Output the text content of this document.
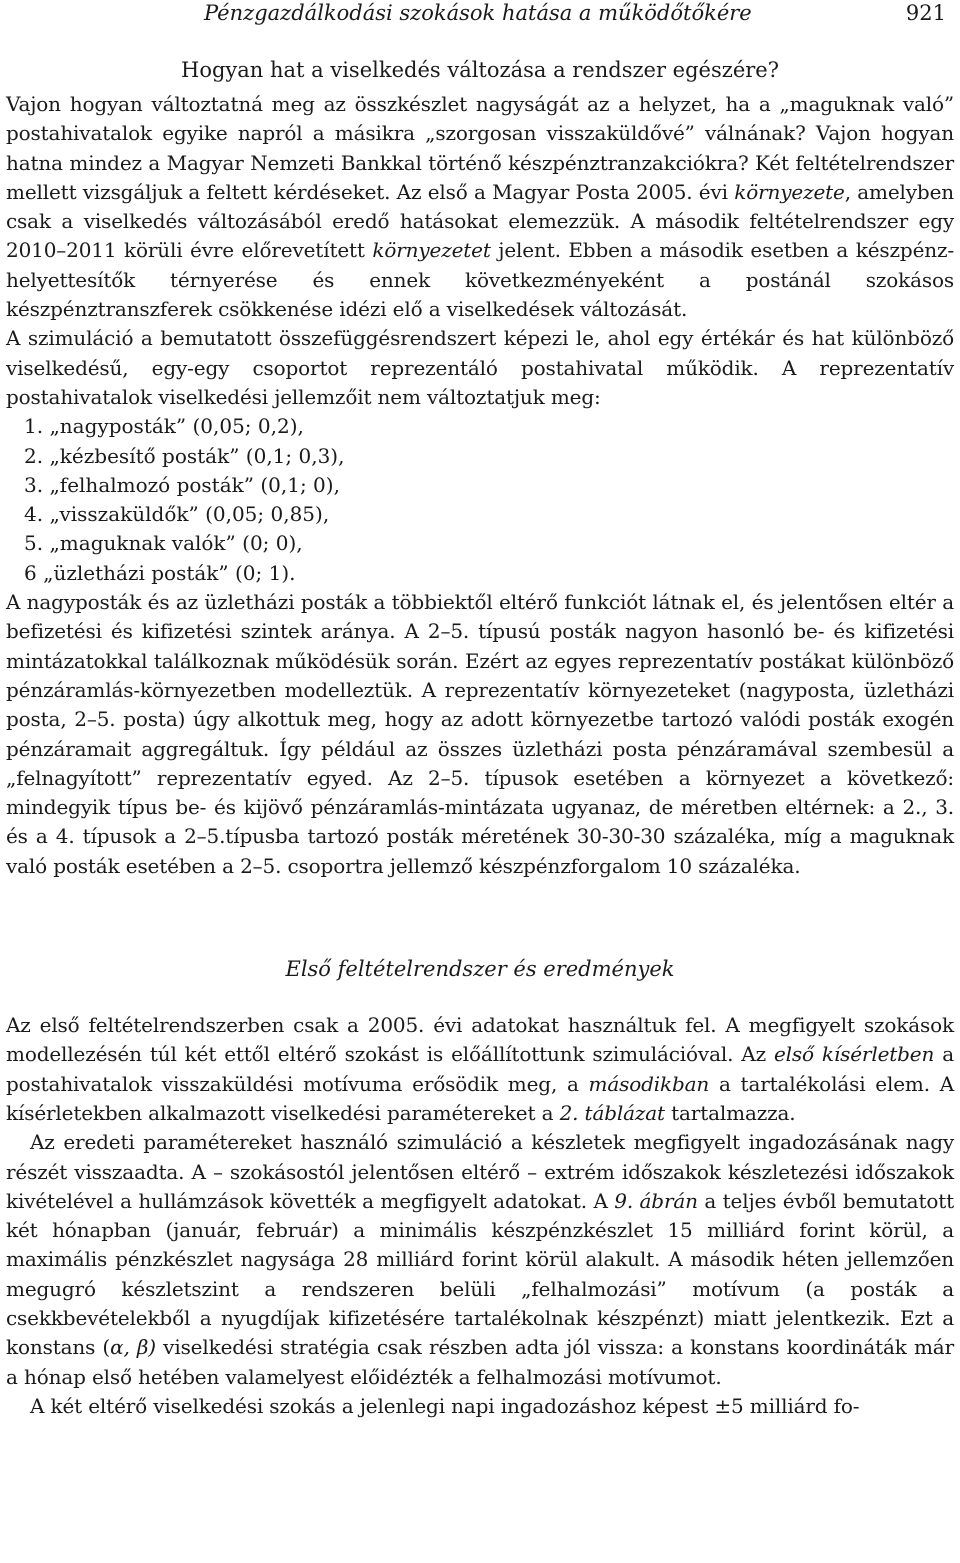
Pénzgazdálkodási szokások hatása a működőtőkére	921
Hogyan hat a viselkedés változása a rendszer egészére?

Vajon hogyan változtatná meg az összkészlet nagyságát az a helyzet, ha a „maguknak való” postahivatalok egyike napról a másikra „szorgosan visszaküldővé” válnának? Vajon hogyan hatna mindez a Magyar Nemzeti Bankkal történő készpénztranzakciókra? Két feltételrendszer mellett vizsgáljuk a feltett kérdéseket. Az első a Magyar Posta 2005. évi környezete, amelyben csak a viselkedés változásából eredő hatásokat elemezzük. A második feltételrendszer egy 2010–2011 körüli évre előrevetített környezetet jelent. Ebben a második esetben a készpénz-helyettesítők térnyerése és ennek következményeként a postánál szokásos készpénztranszferek csökkenése idézi elő a viselkedések változását.

A szimuláció a bemutatott összefüggésrendszert képezi le, ahol egy értékár és hat különböző viselkedésű, egy-egy csoportot reprezentáló postahivatal működik. A reprezentatív postahivatalok viselkedési jellemzőit nem változtatjuk meg:

1. „nagyposták” (0,05; 0,2),
2. „kézbesítő posták” (0,1; 0,3),
3. „felhalmozó posták” (0,1; 0),
4. „visszaküldők” (0,05; 0,85),
5. „maguknak valók” (0; 0),
6 „üzletházi posták” (0; 1).

A nagyposták és az üzletházi posták a többiektől eltérő funkciót látnak el, és jelentősen eltér a befizetési és kifizetési szintek aránya. A 2–5. típusú posták nagyon hasonló be- és kifizetési mintázatokkal találkoznak működésük során. Ezért az egyes reprezentatív postákat különböző pénzáramlás-környezetben modelleztük. A reprezentatív környezeteket (nagyposta, üzletházi posta, 2–5. posta) úgy alkottuk meg, hogy az adott környezetbe tartozó valódi posták exogén pénzáramait aggregáltuk. Így például az összes üzletházi posta pénzáramával szembesül a „felnagyított” reprezentatív egyed. Az 2–5. típusok esetében a környezet a következő: mindegyik típus be- és kijövő pénzáramlás-mintázata ugyanaz, de méretben eltérnek: a 2., 3. és a 4. típusok a 2–5.típusba tartozó posták méretének 30-30-30 százaléka, míg a maguknak való posták esetében a 2–5. csoportra jellemző készpénzforgalom 10 százaléka.

Első feltételrendszer és eredmények

Az első feltételrendszerben csak a 2005. évi adatokat használtuk fel. A megfigyelt szokások modellezésén túl két ettől eltérő szokást is előállítottunk szimulációval. Az első kísérletben a postahivatalok visszaküldési motívuma erősödik meg, a másodikban a tartalékolási elem. A kísérletekben alkalmazott viselkedési paramétereket a 2. táblázat tartalmazza.

Az eredeti paramétereket használó szimuláció a készletek megfigyelt ingadozásának nagy részét visszaadta. A – szokásostól jelentősen eltérő – extrém időszakok készletezési időszakok kivételével a hullámzások követték a megfigyelt adatokat. A 9. ábrán a teljes évből bemutatott két hónapban (január, február) a minimális készpénzkészlet 15 milliárd forint körül, a maximális pénzkészlet nagysága 28 milliárd forint körül alakult. A második héten jellemzően megugró készletszint a rendszeren belüli „felhalmozási” motívum (a posták a csekkbevételekből a nyugdíjak kifizetésére tartalékolnak készpénzt) miatt jelentkezik. Ezt a konstans (α, β) viselkedési stratégia csak részben adta jól vissza: a konstans koordináták már a hónap első hetében valamelyest előidézték a felhalmozási motívumot.

A két eltérő viselkedési szokás a jelenlegi napi ingadozáshoz képest ±5 milliárd fo-
